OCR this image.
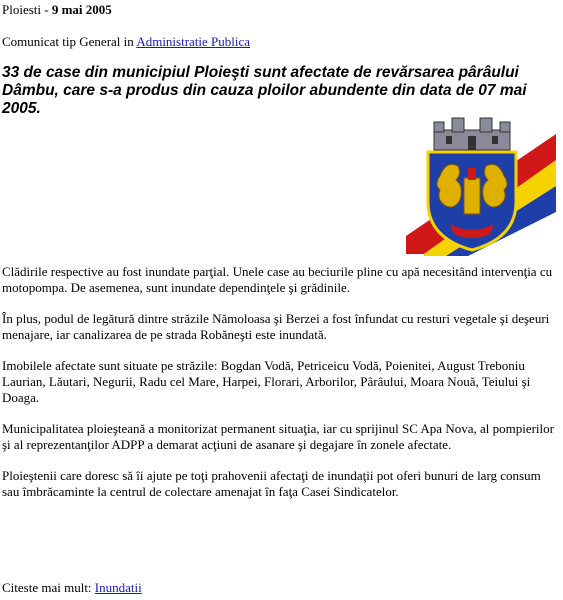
Ploiesti - 9 mai 2005
Comunicat tip General in Administratie Publica
33 de case din municipiul Ploieşti sunt afectate de revărsarea pârâului Dâmbu, care s-a produs din cauza ploilor abundente din data de 07 mai 2005.

Clădirile respective au fost inundate parţial. Unele case au beciurile pline cu apă necesitând intervenţia cu motopompa. De asemenea, sunt inundate dependinţele şi grădinile.

În plus, podul de legătură dintre străzile Nămoloasa şi Berzei a fost înfundat cu resturi vegetale şi deşeuri menajare, iar canalizarea de pe strada Robăneşti este inundată.

Imobilele afectate sunt situate pe străzile: Bogdan Vodă, Petriceicu Vodă, Poienitei, August Treboniu Laurian, Lăutari, Negurii, Radu cel Mare, Harpei, Florari, Arborilor, Pârâului, Moara Nouă, Teiului şi Doaga.

Municipalitatea ploieşteană a monitorizat permanent situaţia, iar cu sprijinul SC Apa Nova, al pompierilor şi al reprezentanţilor ADPP a demarat acţiuni de asanare şi degajare în zonele afectate.

Ploieştenii care doresc să îi ajute pe toţi prahovenii afectaţi de inundaţii pot oferi bunuri de larg consum sau îmbrăcaminte la centrul de colectare amenajat în faţa Casei Sindicatelor.

Citeste mai mult: Inundatii
